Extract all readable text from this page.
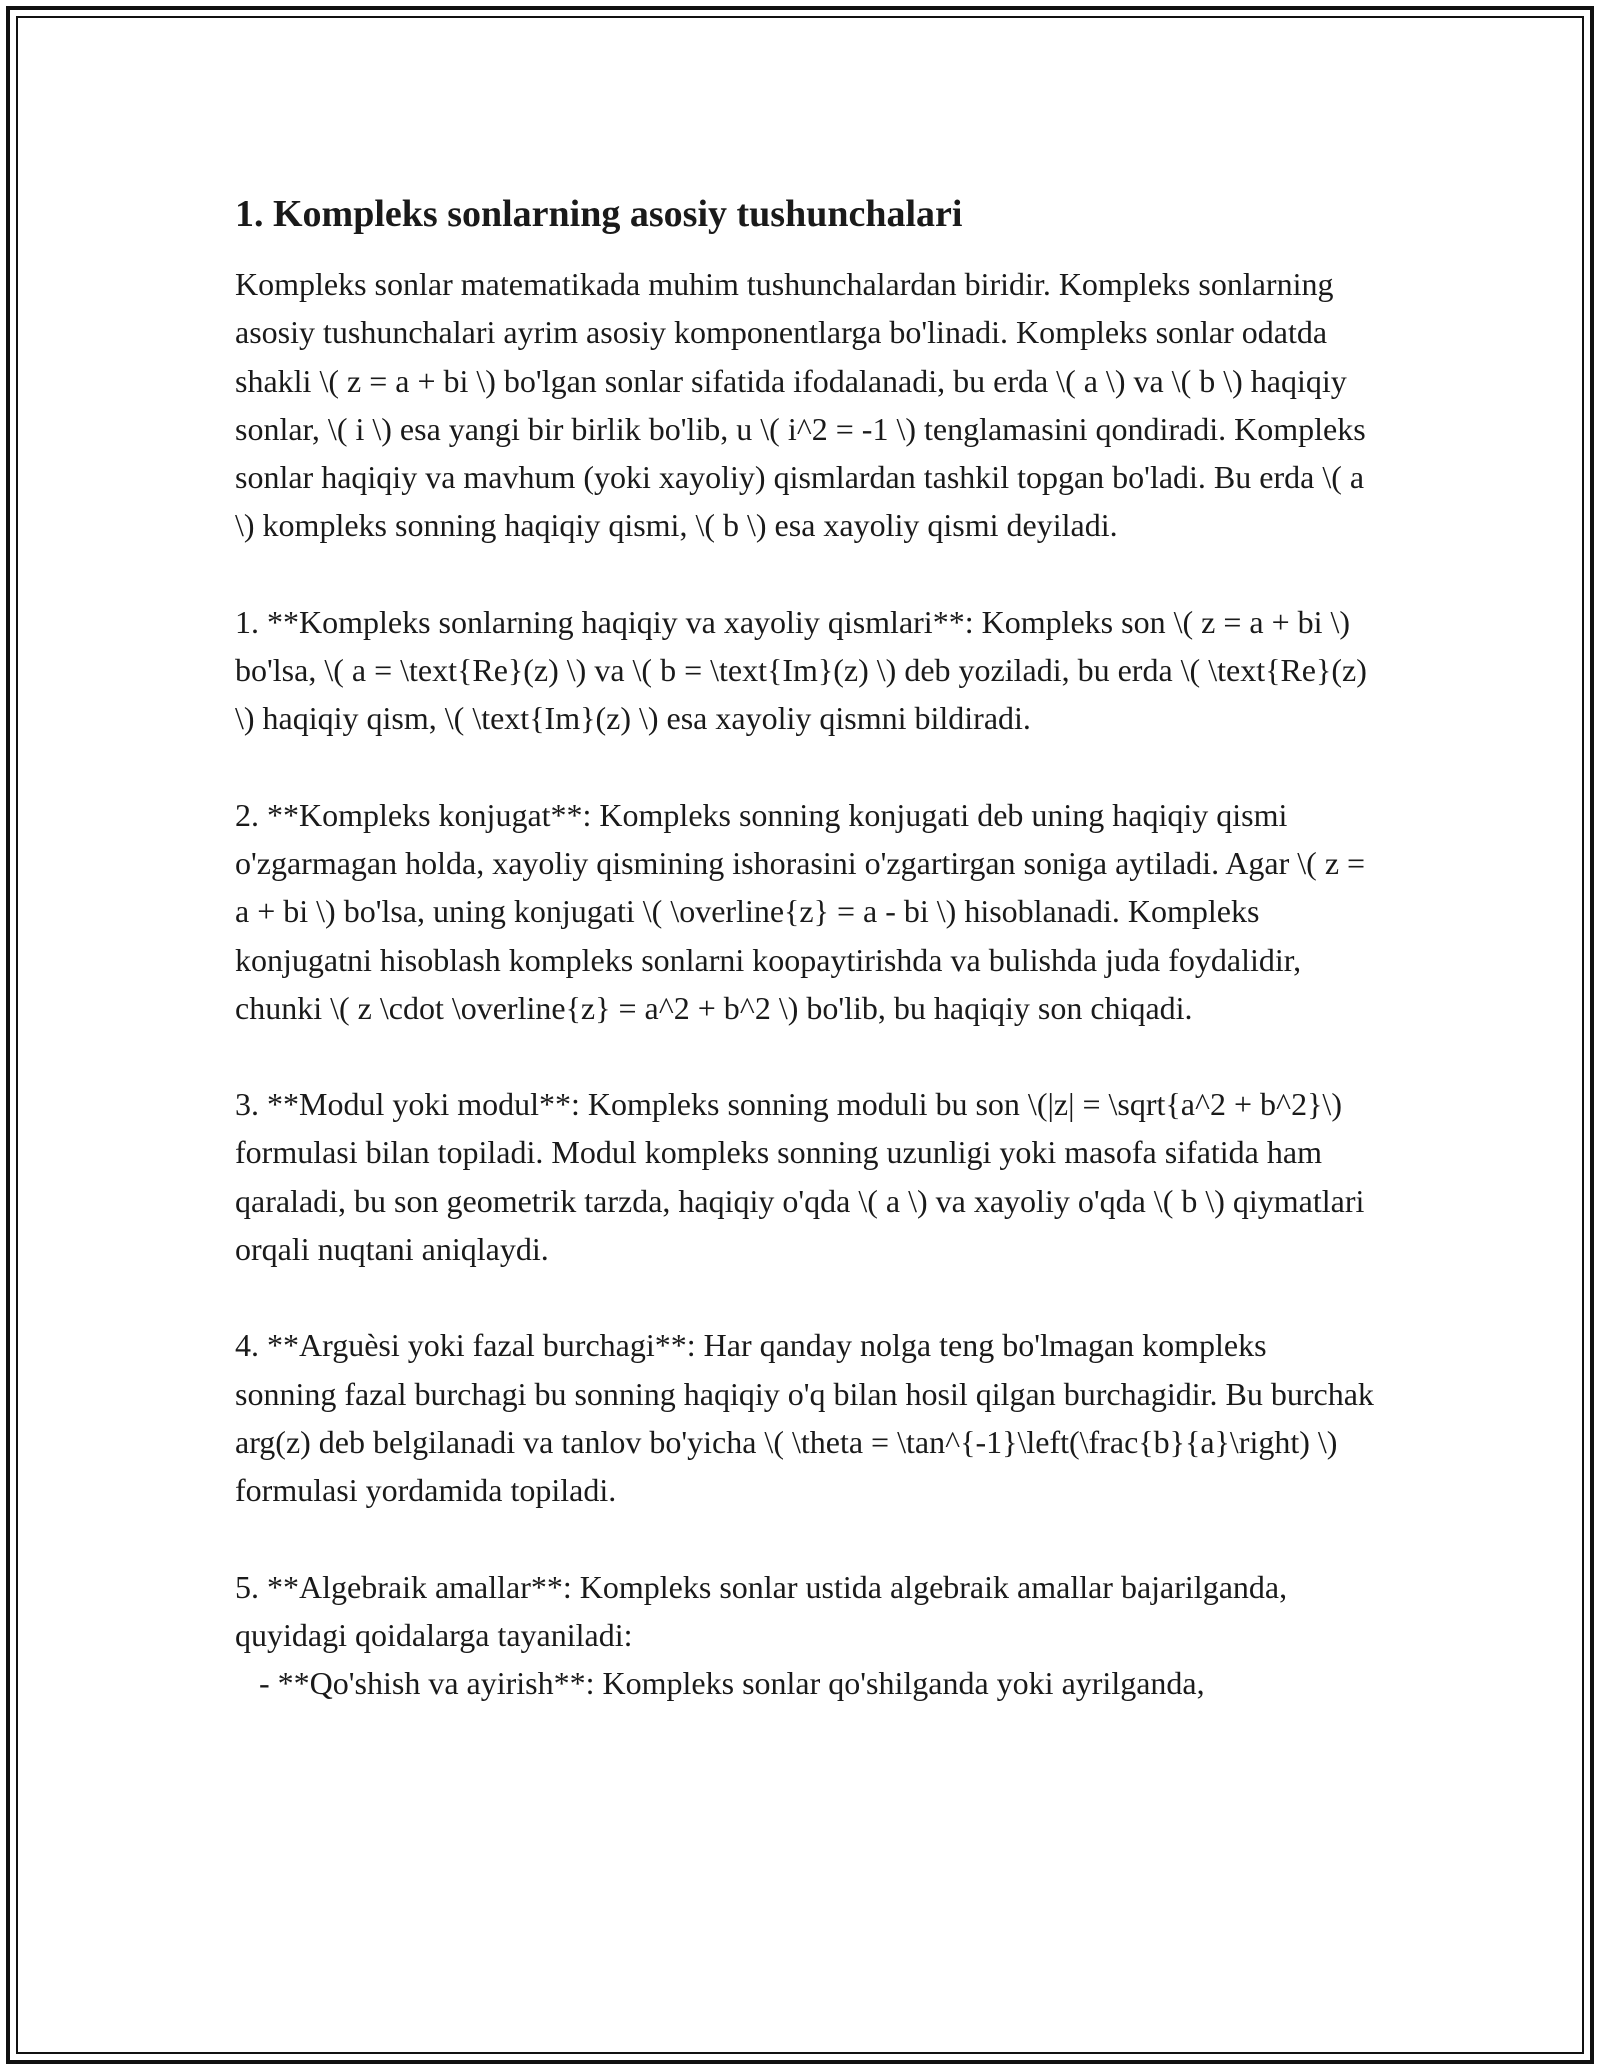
1. Kompleks sonlarning asosiy tushunchalari

Kompleks sonlar matematikada muhim tushunchalardan biridir. Kompleks sonlarning asosiy tushunchalari ayrim asosiy komponentlarga bo'linadi. Kompleks sonlar odatda shakli \( z = a + bi \) bo'lgan sonlar sifatida ifodalanadi, bu erda \( a \) va \( b \) haqiqiy sonlar, \( i \) esa yangi bir birlik bo'lib, u \( i^2 = -1 \) tenglamasini qondiradi. Kompleks sonlar haqiqiy va mavhum (yoki xayoliy) qismlardan tashkil topgan bo'ladi. Bu erda \( a \) kompleks sonning haqiqiy qismi, \( b \) esa xayoliy qismi deyiladi.

1. **Kompleks sonlarning haqiqiy va xayoliy qismlari**: Kompleks son \( z = a + bi \) bo'lsa, \( a = \text{Re}(z) \) va \( b = \text{Im}(z) \) deb yoziladi, bu erda \( \text{Re}(z) \) haqiqiy qism, \( \text{Im}(z) \) esa xayoliy qismni bildiradi.

2. **Kompleks konjugat**: Kompleks sonning konjugati deb uning haqiqiy qismi o'zgarmagan holda, xayoliy qismining ishorasini o'zgartirgan soniga aytiladi. Agar \( z = a + bi \) bo'lsa, uning konjugati \( \overline{z} = a - bi \) hisoblanadi. Kompleks konjugatni hisoblash kompleks sonlarni koopaytirishda va bulishda juda foydalidir, chunki \( z \cdot \overline{z} = a^2 + b^2 \) bo'lib, bu haqiqiy son chiqadi.

3. **Modul yoki modul**: Kompleks sonning moduli bu son \(|z| = \sqrt{a^2 + b^2}\) formulasi bilan topiladi. Modul kompleks sonning uzunligi yoki masofa sifatida ham qaraladi, bu son geometrik tarzda, haqiqiy o'qda \( a \) va xayoliy o'qda \( b \) qiymatlari orqali nuqtani aniqlaydi.

4. **Arguèsi yoki fazal burchagi**: Har qanday nolga teng bo'lmagan kompleks sonning fazal burchagi bu sonning haqiqiy o'q bilan hosil qilgan burchagidir. Bu burchak arg(z) deb belgilanadi va tanlov bo'yicha \( \theta = \tan^{-1}\left(\frac{b}{a}\right) \) formulasi yordamida topiladi.

5. **Algebraik amallar**: Kompleks sonlar ustida algebraik amallar bajarilganda, quyidagi qoidalarga tayaniladi:
- **Qo'shish va ayirish**: Kompleks sonlar qo'shilganda yoki ayrilganda,
